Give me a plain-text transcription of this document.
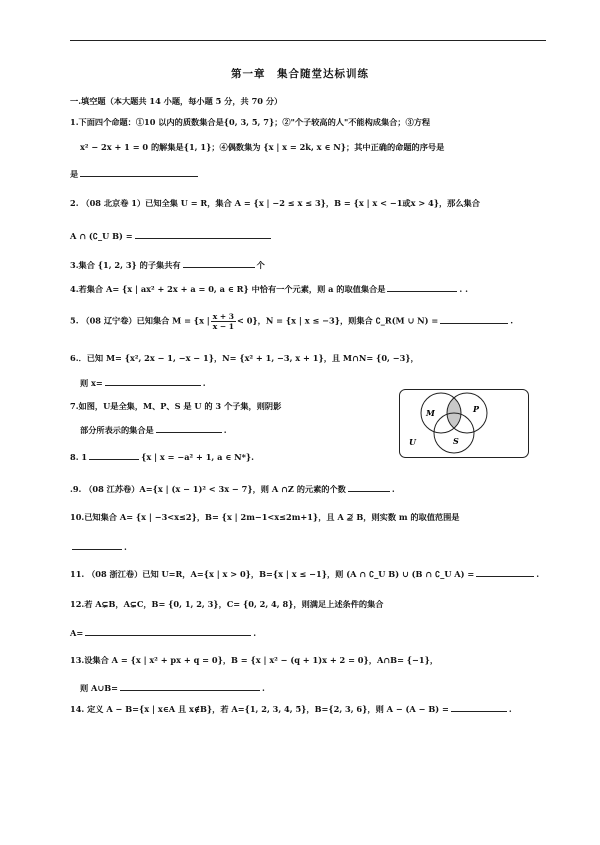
第一章　集合随堂达标训练
一.填空题（本大题共 14 小题，每小题 5 分，共 70 分）
1.下面四个命题：①10 以内的质数集合是{0, 3, 5, 7}；②"个子较高的人"不能构成集合；③方程
x² − 2x + 1 = 0 的解集是{1, 1}；④偶数集为 {x | x = 2k, x ∈ N}；其中正确的命题的序号是
是
2. （08 北京卷 1）已知全集 U = R，集合 A = {x | −2 ≤ x ≤ 3}，B = {x | x < −1或x > 4}，那么集合
A ∩ (∁_U B) =
3.集合 {1, 2, 3} 的子集共有	个
4.若集合 A= {x | ax² + 2x + a = 0, a ∈ R} 中恰有一个元素，则 a 的取值集合是	. .
5. （08 辽宁卷）已知集合 M = {x | $\frac{x + 3}{x - 1} < 0$}，N = {x | x ≤ −3}，则集合 ∁_R(M ∪ N) =	.
6.．已知 M= {x², 2x − 1, −x − 1}，N= {x² + 1, −3, x + 1}，且 M∩N= {0, −3}，
则 x=	.
7.如图，U是全集，M、P、S 是 U 的 3 个子集，则阴影
部分所表示的集合是	.
M	P
S
U
8. 1	{x | x = −a² + 1, a ∈ N*}.
.9. （08 江苏卷）A={x | (x − 1)² < 3x − 7}，则 A ∩Z 的元素的个数	.
10.已知集合 A= {x | −3<x≤2}，B= {x | 2m−1<x≤2m+1}，且 A ⊉ B，则实数 m 的取值范围是
.
11. （08 浙江卷）已知 U=R，A={x | x > 0}，B={x | x ≤ −1}，则 (A ∩ ∁_U B) ∪ (B ∩ ∁_U A) =	.
12.若 A⊊B，A⊊C，B= {0, 1, 2, 3}，C= {0, 2, 4, 8}，则满足上述条件的集合
A=	.
13.设集合 A = {x | x² + px + q = 0}，B = {x | x² − (q + 1)x + 2 = 0}，A∩B= {−1}，
则 A∪B=	.
14. 定义 A − B={x | x∈A 且 x∉B}，若 A={1, 2, 3, 4, 5}，B={2, 3, 6}，则 A − (A − B) =	.
